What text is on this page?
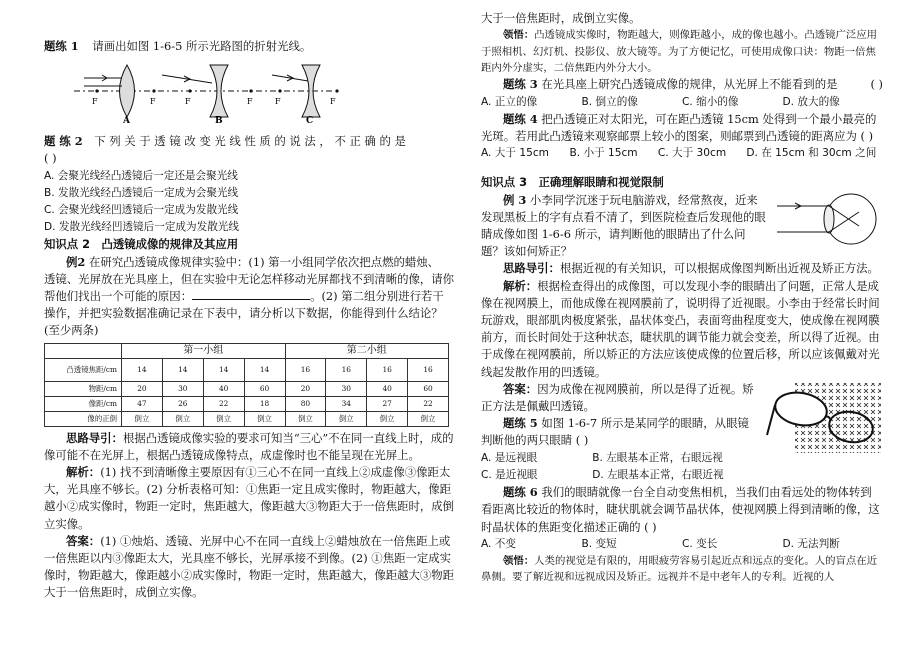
题练 1 请画出如图 1-6-5 所示光路图的折射光线。

F	F	F	F	F	F
A	B	C

题 练 2 下 列 关 于 透 镜 改 变 光 线 性 质 的 说 法 ， 不 正 确 的 是

( )

A. 会聚光线经凸透镜后一定还是会聚光线

B. 发散光线经凸透镜后一定成为会聚光线

C. 会聚光线经凹透镜后一定成为发散光线

D. 发散光线经凹透镜后一定成为发散光线

知识点 2　凸透镜成像的规律及其应用

例2 在研究凸透镜成像规律实验中：(1) 第一小组同学依次把点燃的蜡烛、

透镜、光屏放在光具座上，但在实验中无论怎样移动光屏都找不到清晰的像，请你

帮他们找出一个可能的原因：	。(2) 第二组分别进行若干

操作，并把实验数据准确记录在下表中，请分析以下数据，你能得到什么结论？

(至少两条)

	第一小组				第二小组			
凸透镜焦距/cm	14	14	14	14	16	16	16	16
物距/cm	20	30	40	60	20	30	40	60
像距/cm	47	26	22	18	80	34	27	22
像的正倒	倒立	倒立	倒立	倒立	倒立	倒立	倒立	倒立

思路导引：根据凸透镜成像实验的要求可知当“三心”不在同一直线上时，成的像可能不在光屏上，根据凸透镜成像特点，成虚像时也不能呈现在光屏上。

解析：(1) 找不到清晰像主要原因有①三心不在同一直线上②成虚像③像距太大，光具座不够长。(2) 分析表格可知：①焦距一定且成实像时，物距越大，像距越小②成实像时，物距一定时，焦距越大，像距越大③物距大于一倍焦距时，成倒立实像。

答案：(1) ①烛焰、透镜、光屏中心不在同一直线上②蜡烛放在一倍焦距上或一倍焦距以内③像距太大，光具座不够长，光屏承接不到像。(2) ①焦距一定成实像时，物距越大，像距越小②成实像时，物距一定时，焦距越大，像距越大③物距大于一倍焦距时，成倒立实像。

大于一倍焦距时，成倒立实像。

领悟：凸透镜成实像时，物距越大，则像距越小，成的像也越小。凸透镜广泛应用于照相机、幻灯机、投影仪、放大镜等。为了方便记忆，可使用成像口诀：物距一倍焦距内外分虚实，二倍焦距内外分大小。

题练 3 在光具座上研究凸透镜成像的规律，从光屏上不能看到的是	( )

A. 正立的像	B. 倒立的像	C. 缩小的像	D. 放大的像

题练 4 把凸透镜正对太阳光，可在距凸透镜 15cm 处得到一个最小最亮的光斑。若用此凸透镜来观察邮票上较小的图案，则邮票到凸透镜的距离应为 ( )

A. 大于 15cm	B. 小于 15cm	C. 大于 30cm	D. 在 15cm 和 30cm 之间

知识点 3　正确理解眼睛和视觉限制

例 3 小李同学沉迷于玩电脑游戏，经常熬夜，近来发现黑板上的字有点看不清了，到医院检查后发现他的眼睛成像如图 1-6-6 所示，请判断他的眼睛出了什么问题？该如何矫正？

思路导引：根据近视的有关知识，可以根据成像图判断出近视及矫正方法。

解析：根据检查得出的成像图，可以发现小李的眼睛出了问题，正常人是成像在视网膜上，而他成像在视网膜前了，说明得了近视眼。小李由于经常长时间玩游戏，眼部肌肉极度紧张，晶状体变凸，表面弯曲程度变大，使成像在视网膜前方，而长时间处于这种状态，睫状肌的调节能力就会变差，所以得了近视。由于成像在视网膜前，所以矫正的方法应该使成像的位置后移，所以应该佩戴对光线起发散作用的凹透镜。

答案：因为成像在视网膜前，所以是得了近视。矫正方法是佩戴凹透镜。

题练 5 如图 1-6-7 所示是某同学的眼睛，从眼镜判断他的两只眼睛 ( )

A. 是远视眼	B. 左眼基本正常，右眼远视
C. 是近视眼	D. 左眼基本正常，右眼近视

题练 6 我们的眼睛就像一台全自动变焦相机，当我们由看远处的物体转到看距离比较近的物体时，睫状肌就会调节晶状体，使视网膜上得到清晰的像，这时晶状体的焦距变化描述正确的 ( )

A. 不变	B. 变短	C. 变长	D. 无法判断

领悟：人类的视觉是有限的，用眼疲劳容易引起近点和远点的变化。人的盲点在近鼻侧。要了解近视和远视成因及矫正。远视并不是中老年人的专利。近视的人
